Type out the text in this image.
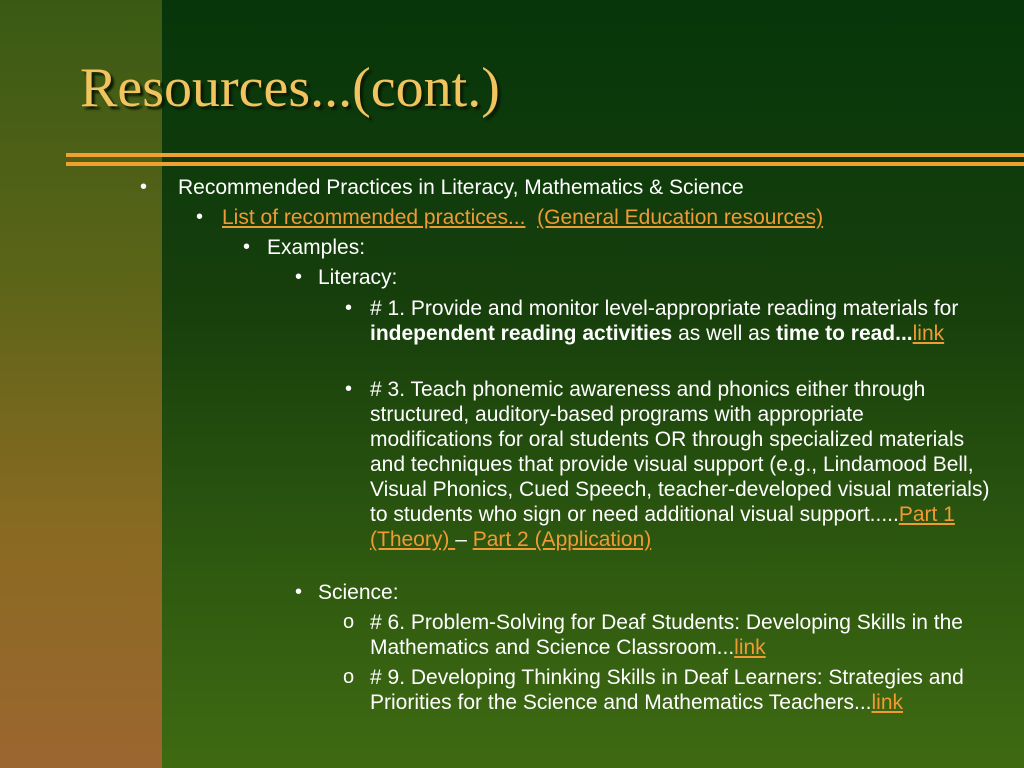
Resources...(cont.)
• Recommended Practices in Literacy, Mathematics & Science
• List of recommended practices... (General Education resources)
• Examples:
• Literacy:
• # 1. Provide and monitor level-appropriate reading materials for independent reading activities as well as time to read...link
• # 3. Teach phonemic awareness and phonics either through structured, auditory-based programs with appropriate modifications for oral students OR through specialized materials and techniques that provide visual support (e.g., Lindamood Bell, Visual Phonics, Cued Speech, teacher-developed visual materials) to students who sign or need additional visual support.....Part 1 (Theory) – Part 2 (Application)
• Science:
o # 6. Problem-Solving for Deaf Students: Developing Skills in the Mathematics and Science Classroom...link
o # 9. Developing Thinking Skills in Deaf Learners: Strategies and Priorities for the Science and Mathematics Teachers...link
